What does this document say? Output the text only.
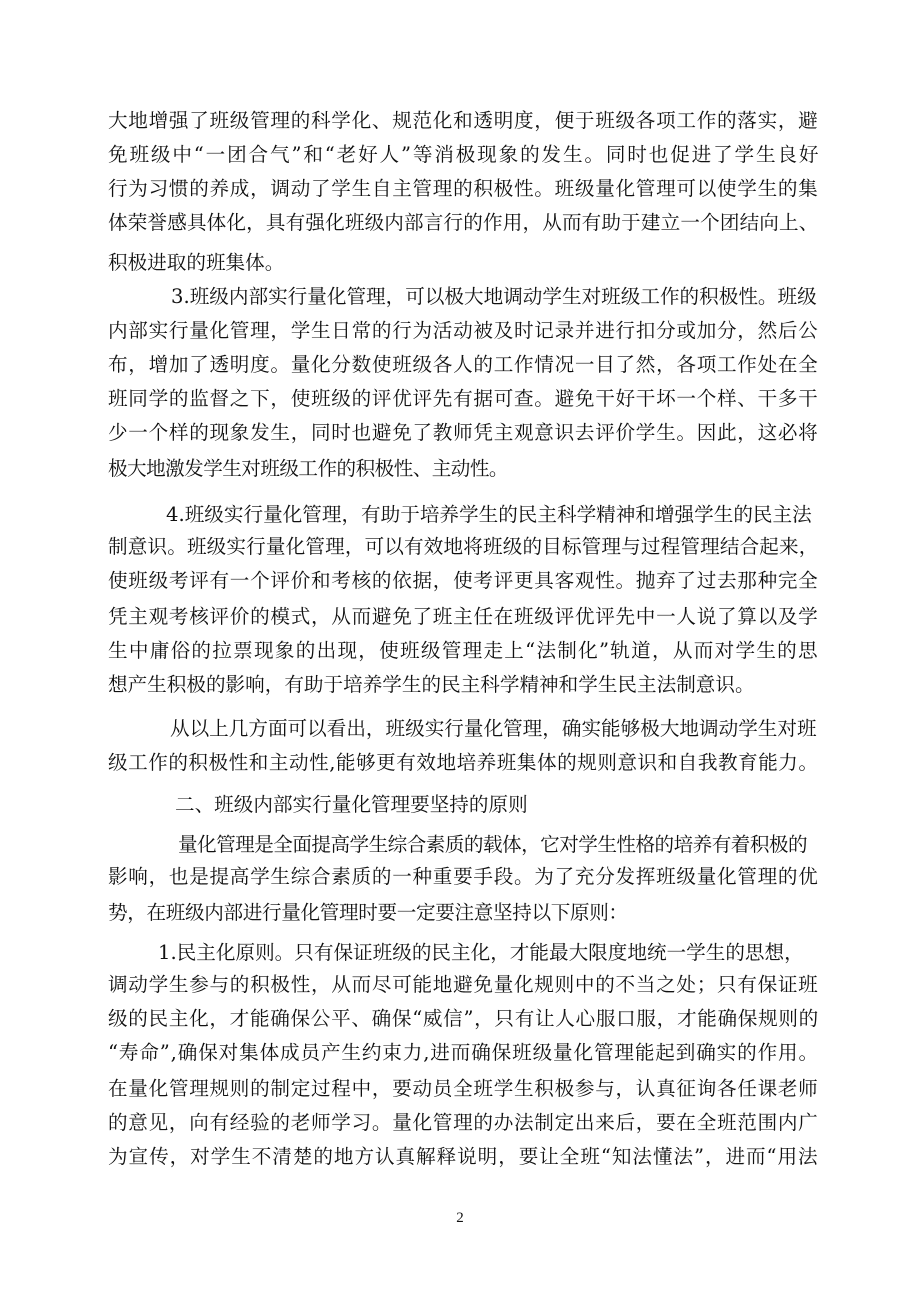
大地增强了班级管理的科学化、规范化和透明度，便于班级各项工作的落实，避
免班级中“一团合气”和“老好人”等消极现象的发生。同时也促进了学生良好
行为习惯的养成，调动了学生自主管理的积极性。班级量化管理可以使学生的集
体荣誉感具体化，具有强化班级内部言行的作用，从而有助于建立一个团结向上、
积极进取的班集体。
3.班级内部实行量化管理，可以极大地调动学生对班级工作的积极性。班级
内部实行量化管理，学生日常的行为活动被及时记录并进行扣分或加分，然后公
布，增加了透明度。量化分数使班级各人的工作情况一目了然，各项工作处在全
班同学的监督之下，使班级的评优评先有据可查。避免干好干坏一个样、干多干
少一个样的现象发生，同时也避免了教师凭主观意识去评价学生。因此，这必将
极大地激发学生对班级工作的积极性、主动性。
4.班级实行量化管理，有助于培养学生的民主科学精神和增强学生的民主法
制意识。班级实行量化管理，可以有效地将班级的目标管理与过程管理结合起来，
使班级考评有一个评价和考核的依据，使考评更具客观性。抛弃了过去那种完全
凭主观考核评价的模式，从而避免了班主任在班级评优评先中一人说了算以及学
生中庸俗的拉票现象的出现，使班级管理走上“法制化”轨道，从而对学生的思
想产生积极的影响，有助于培养学生的民主科学精神和学生民主法制意识。
从以上几方面可以看出，班级实行量化管理，确实能够极大地调动学生对班
级工作的积极性和主动性,能够更有效地培养班集体的规则意识和自我教育能力。
二、班级内部实行量化管理要坚持的原则
量化管理是全面提高学生综合素质的载体，它对学生性格的培养有着积极的
影响，也是提高学生综合素质的一种重要手段。为了充分发挥班级量化管理的优
势，在班级内部进行量化管理时要一定要注意坚持以下原则：
1.民主化原则。只有保证班级的民主化，才能最大限度地统一学生的思想，
调动学生参与的积极性，从而尽可能地避免量化规则中的不当之处；只有保证班
级的民主化，才能确保公平、确保“威信”，只有让人心服口服，才能确保规则的
“寿命”,确保对集体成员产生约束力,进而确保班级量化管理能起到确实的作用。
在量化管理规则的制定过程中，要动员全班学生积极参与，认真征询各任课老师
的意见，向有经验的老师学习。量化管理的办法制定出来后，要在全班范围内广
为宣传，对学生不清楚的地方认真解释说明，要让全班“知法懂法”，进而“用法
2
